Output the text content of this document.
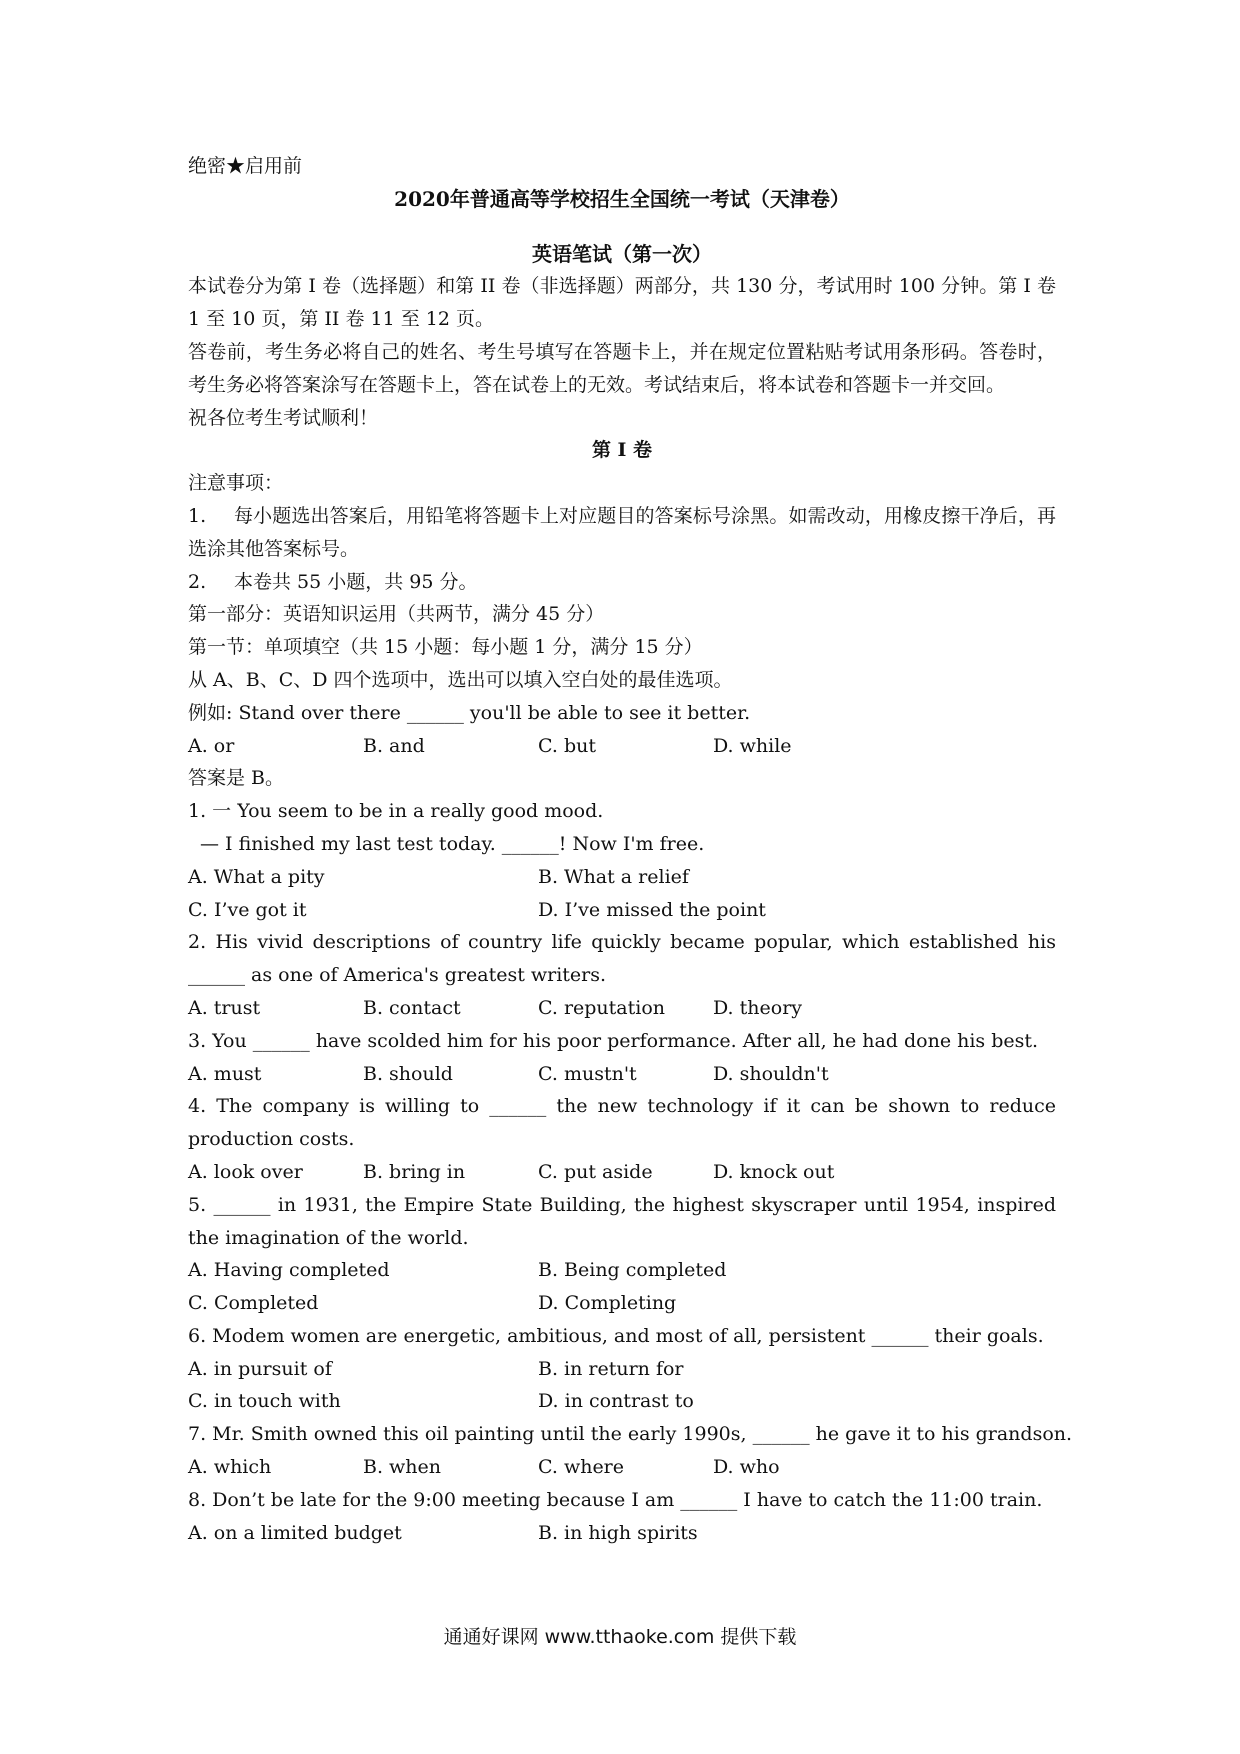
绝密★启用前
2020年普通高等学校招生全国统一考试（天津卷）
英语笔试（第一次）
本试卷分为第 I 卷（选择题）和第 II 卷（非选择题）两部分，共 130 分，考试用时 100 分钟。第 I 卷 1 至 10 页，第 II 卷 11 至 12 页。
答卷前，考生务必将自己的姓名、考生号填写在答题卡上，并在规定位置粘贴考试用条形码。答卷时，考生务必将答案涂写在答题卡上，答在试卷上的无效。考试结束后，将本试卷和答题卡一并交回。
祝各位考生考试顺利！
第 I 卷
注意事项：
1.	每小题选出答案后，用铅笔将答题卡上对应题目的答案标号涂黑。如需改动，用橡皮擦干净后，再选涂其他答案标号。
2.	本卷共 55 小题，共 95 分。
第一部分：英语知识运用（共两节，满分 45 分）
第一节：单项填空（共 15 小题：每小题 1 分，满分 15 分）
从 A、B、C、D 四个选项中，选出可以填入空白处的最佳选项。
例如: Stand over there ______ you'll be able to see it better.
A. or	B. and	C. but	D. while
答案是 B。
1. 一 You seem to be in a really good mood.
— I finished my last test today. ______! Now I'm free.
A. What a pity	B. What a relief
C. I’ve got it	D. I’ve missed the point
2. His vivid descriptions of country life quickly became popular, which established his ______ as one of America's greatest writers.
A. trust	B. contact	C. reputation	D. theory
3. You ______ have scolded him for his poor performance. After all, he had done his best.
A. must	B. should	C. mustn't	D. shouldn't
4. The company is willing to ______ the new technology if it can be shown to reduce production costs.
A. look over	B. bring in	C. put aside	D. knock out
5. ______ in 1931, the Empire State Building, the highest skyscraper until 1954, inspired the imagination of the world.
A. Having completed	B. Being completed
C. Completed	D. Completing
6. Modem women are energetic, ambitious, and most of all, persistent ______ their goals.
A. in pursuit of	B. in return for
C. in touch with	D. in contrast to
7. Mr. Smith owned this oil painting until the early 1990s, ______ he gave it to his grandson.
A. which	B. when	C. where	D. who
8. Don’t be late for the 9:00 meeting because I am ______ I have to catch the 11:00 train.
A. on a limited budget	B. in high spirits
通通好课网 www.tthaoke.com 提供下载
